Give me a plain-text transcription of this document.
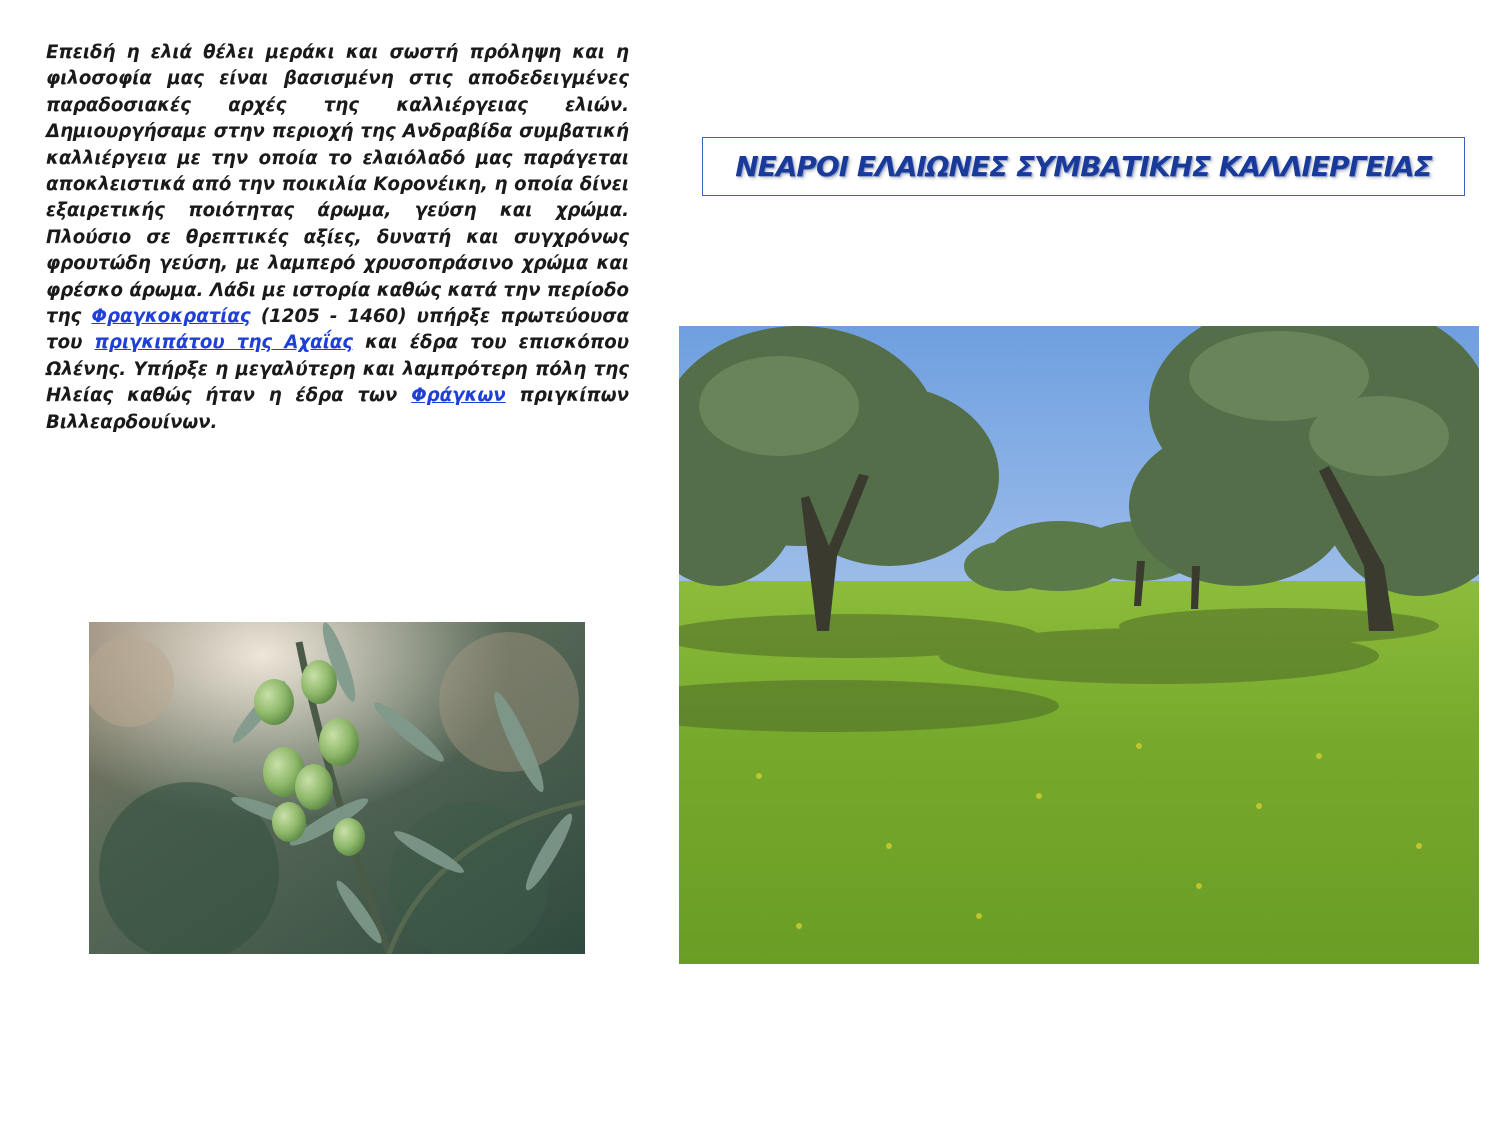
Επειδή η ελιά θέλει μεράκι και σωστή πρόληψη και η φιλοσοφία μας είναι βασισμένη στις αποδεδειγμένες παραδοσιακές αρχές της καλλιέργειας ελιών. Δημιουργήσαμε στην περιοχή της Ανδραβίδα συμβατική καλλιέργεια με την οποία το ελαιόλαδό μας παράγεται αποκλειστικά από την ποικιλία Κορονέικη, η οποία δίνει εξαιρετικής ποιότητας άρωμα, γεύση και χρώμα. Πλούσιο σε θρεπτικές αξίες, δυνατή και συγχρόνως φρουτώδη γεύση, με λαμπερό χρυσοπράσινο χρώμα και φρέσκο άρωμα. Λάδι με ιστορία καθώς κατά την περίοδο της Φραγκοκρατίας (1205 - 1460) υπήρξε πρωτεύουσα του πριγκιπάτου της Αχαΐας και έδρα του επισκόπου Ωλένης. Υπήρξε η μεγαλύτερη και λαμπρότερη πόλη της Ηλείας καθώς ήταν η έδρα των Φράγκων πριγκίπων Βιλλεαρδουίνων.
ΝΕΑΡΟΙ ΕΛΑΙΩΝΕΣ ΣΥΜΒΑΤΙΚΗΣ ΚΑΛΛΙΕΡΓΕΙΑΣ
